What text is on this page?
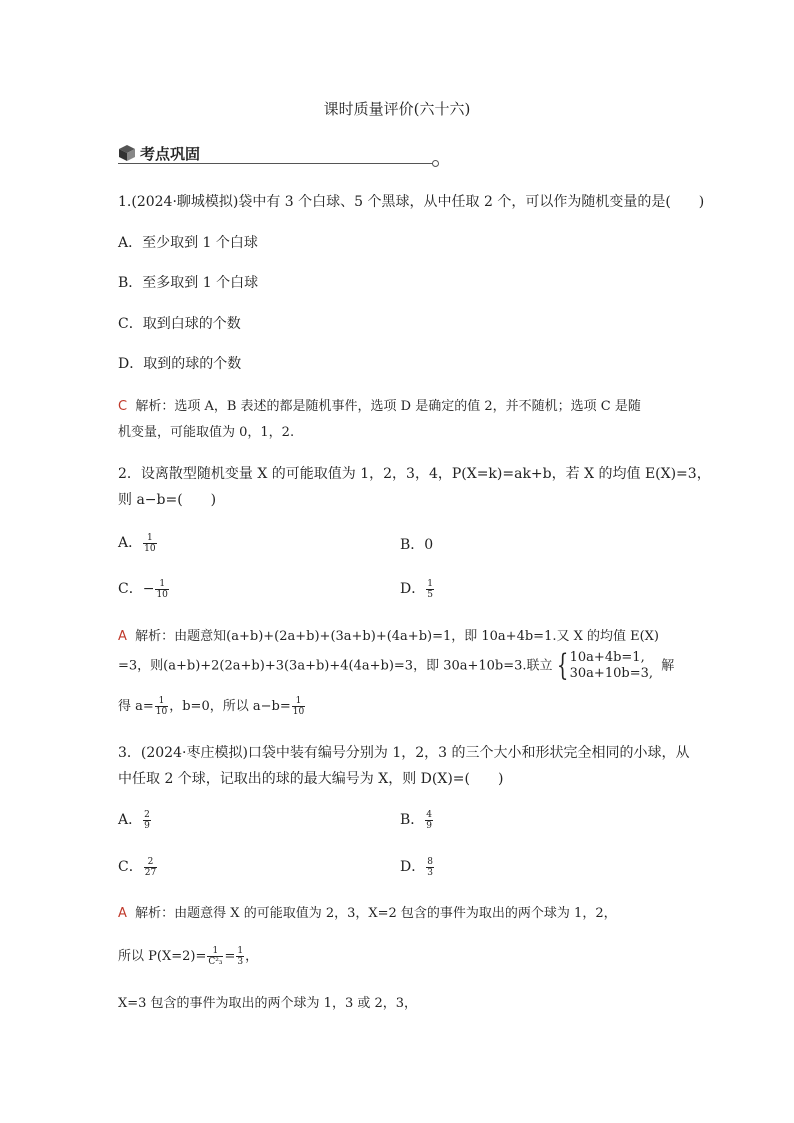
课时质量评价(六十六)
考点巩固
1.(2024·聊城模拟)袋中有 3 个白球、5 个黑球，从中任取 2 个，可以作为随机变量的是(　　)
A．至少取到 1 个白球
B．至多取到 1 个白球
C．取到白球的个数
D．取到的球的个数
C 解析：选项 A，B 表述的都是随机事件，选项 D 是确定的值 2，并不随机；选项 C 是随
机变量，可能取值为 0，1，2.
2．设离散型随机变量 X 的可能取值为 1，2，3，4，P(X=k)=ak+b，若 X 的均值 E(X)=3，
则 a−b=(　　)
A． $\frac{1}{10}$	B．0
C．− $\frac{1}{10}$	D． $\frac{1}{5}$
A 解析：由题意知(a+b)+(2a+b)+(3a+b)+(4a+b)=1，即 10a+4b=1.又 X 的均值 E(X)
=3，则(a+b)+2(2a+b)+3(3a+b)+4(4a+b)=3，即 30a+10b=3.联立 { 10a+4b=1,
30a+10b=3, 解
得 $a= \frac{1}{10}$ ，b=0，所以 $a-b= \frac{1}{10}$
3．(2024·枣庄模拟)口袋中装有编号分别为 1，2，3 的三个大小和形状完全相同的小球，从
中任取 2 个球，记取出的球的最大编号为 X，则 D(X)=(　　)
A． $\frac{2}{9}$	B． $\frac{4}{9}$
C． $\frac{2}{27}$	D． $\frac{8}{3}$
A 解析：由题意得 X 的可能取值为 2，3，X=2 包含的事件为取出的两个球为 1，2，
所以 $P(X=2)= \frac{1}{\text{C²₃}} = \frac{1}{3}$ ，
X=3 包含的事件为取出的两个球为 1，3 或 2，3，
